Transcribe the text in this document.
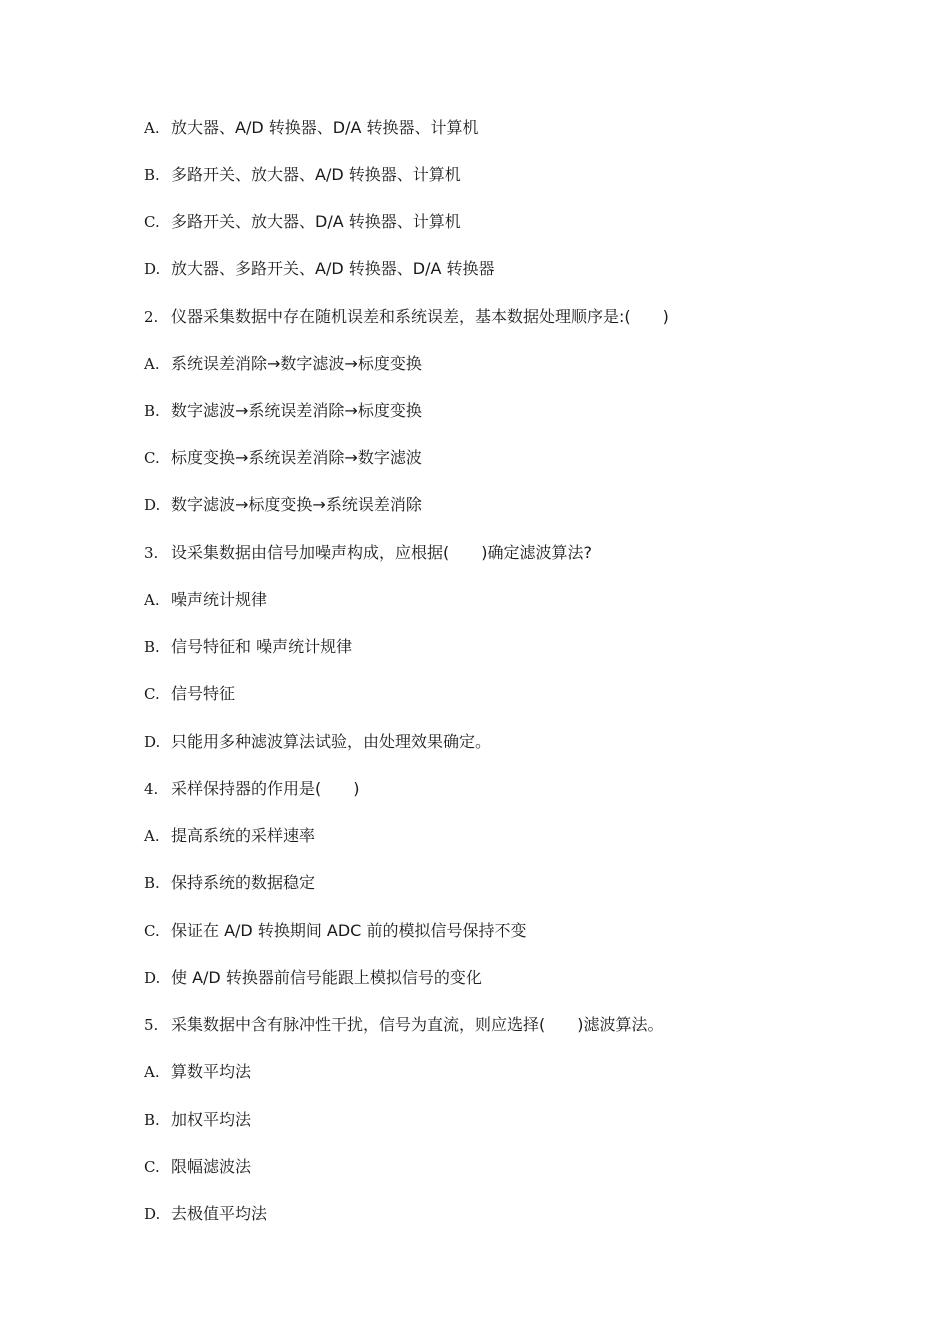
A. 放大器、A/D 转换器、D/A 转换器、计算机
B. 多路开关、放大器、A/D 转换器、计算机
C. 多路开关、放大器、D/A 转换器、计算机
D. 放大器、多路开关、A/D 转换器、D/A 转换器
2. 仪器采集数据中存在随机误差和系统误差，基本数据处理顺序是:(　　)
A. 系统误差消除→数字滤波→标度变换
B. 数字滤波→系统误差消除→标度变换
C. 标度变换→系统误差消除→数字滤波
D. 数字滤波→标度变换→系统误差消除
3. 设采集数据由信号加噪声构成，应根据(　　)确定滤波算法?
A. 噪声统计规律
B. 信号特征和 噪声统计规律
C. 信号特征
D. 只能用多种滤波算法试验，由处理效果确定。
4. 采样保持器的作用是(　　)
A. 提高系统的采样速率
B. 保持系统的数据稳定
C. 保证在 A/D 转换期间 ADC 前的模拟信号保持不变
D. 使 A/D 转换器前信号能跟上模拟信号的变化
5. 采集数据中含有脉冲性干扰，信号为直流，则应选择(　　)滤波算法。
A. 算数平均法
B. 加权平均法
C. 限幅滤波法
D. 去极值平均法
